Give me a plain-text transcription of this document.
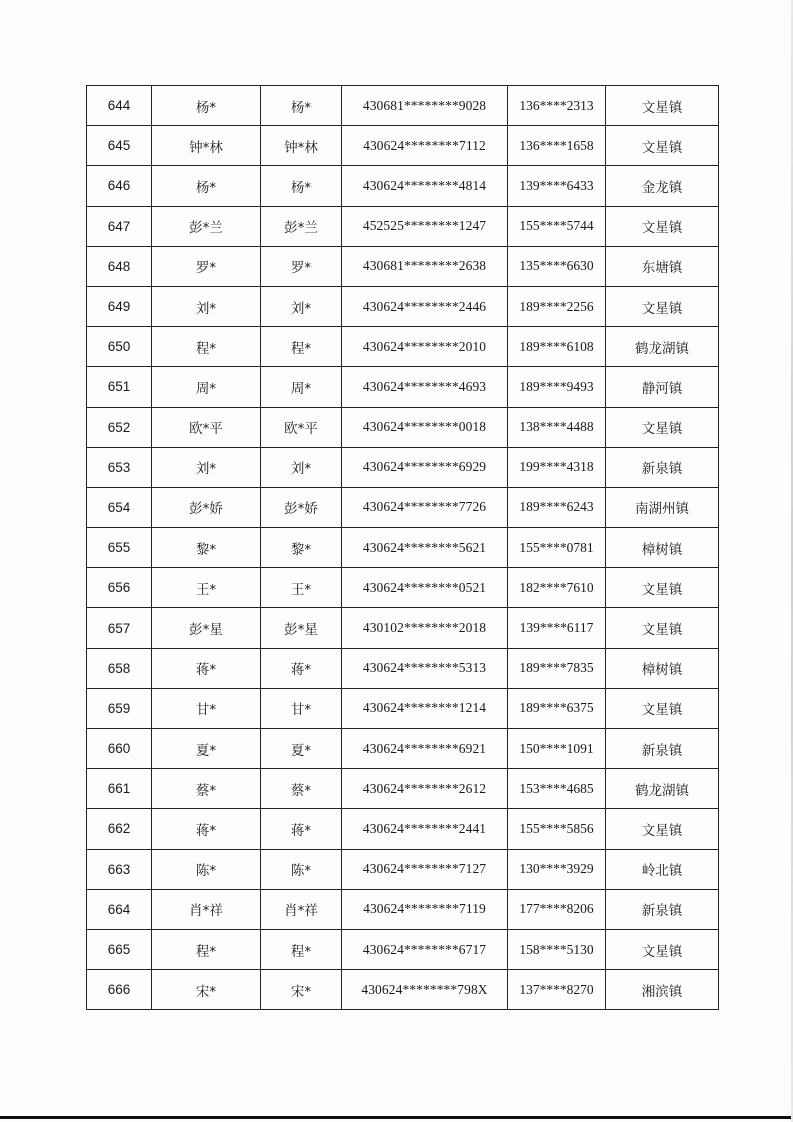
644	杨*	杨*	430681********9028	136****2313	文星镇
645	钟*林	钟*林	430624********7112	136****1658	文星镇
646	杨*	杨*	430624********4814	139****6433	金龙镇
647	彭*兰	彭*兰	452525********1247	155****5744	文星镇
648	罗*	罗*	430681********2638	135****6630	东塘镇
649	刘*	刘*	430624********2446	189****2256	文星镇
650	程*	程*	430624********2010	189****6108	鹤龙湖镇
651	周*	周*	430624********4693	189****9493	静河镇
652	欧*平	欧*平	430624********0018	138****4488	文星镇
653	刘*	刘*	430624********6929	199****4318	新泉镇
654	彭*娇	彭*娇	430624********7726	189****6243	南湖州镇
655	黎*	黎*	430624********5621	155****0781	樟树镇
656	王*	王*	430624********0521	182****7610	文星镇
657	彭*星	彭*星	430102********2018	139****6117	文星镇
658	蒋*	蒋*	430624********5313	189****7835	樟树镇
659	甘*	甘*	430624********1214	189****6375	文星镇
660	夏*	夏*	430624********6921	150****1091	新泉镇
661	蔡*	蔡*	430624********2612	153****4685	鹤龙湖镇
662	蒋*	蒋*	430624********2441	155****5856	文星镇
663	陈*	陈*	430624********7127	130****3929	岭北镇
664	肖*祥	肖*祥	430624********7119	177****8206	新泉镇
665	程*	程*	430624********6717	158****5130	文星镇
666	宋*	宋*	430624********798X	137****8270	湘滨镇
